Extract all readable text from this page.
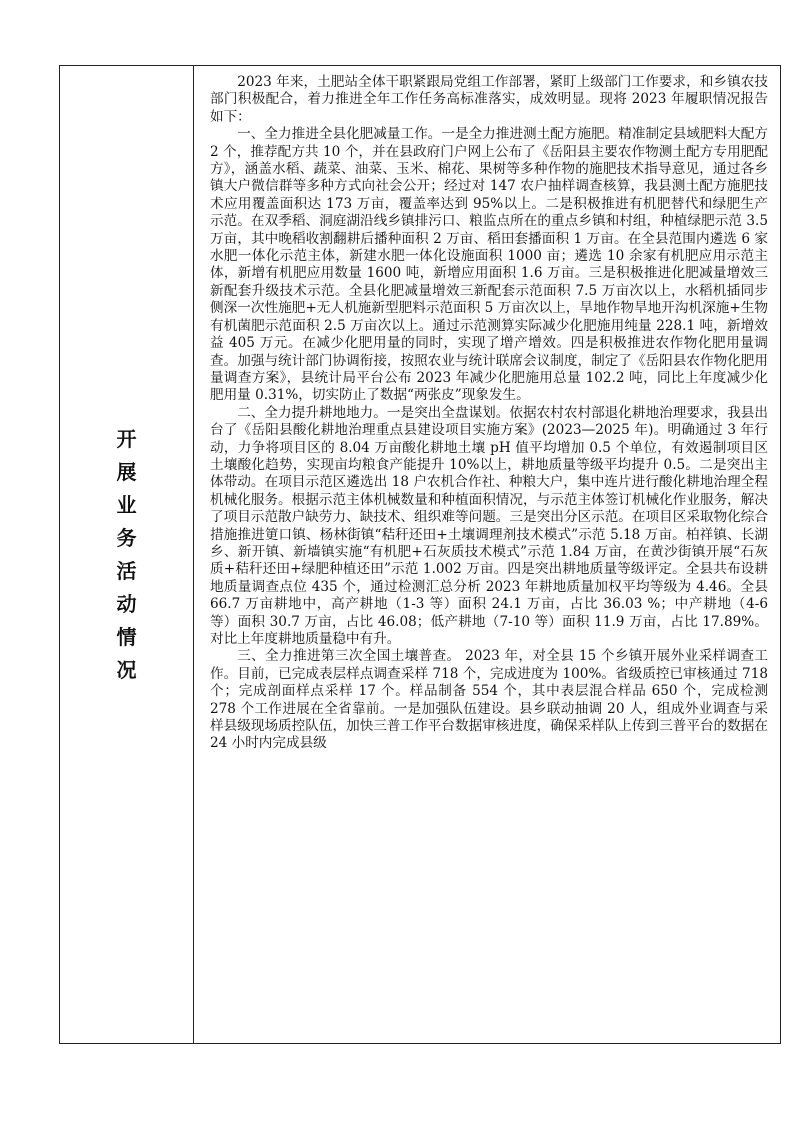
开
展
业
务
活
动
情
况

2023 年来，土肥站全体干职紧跟局党组工作部署，紧盯上级部门工作要求，和乡镇农技部门积极配合，着力推进全年工作任务高标准落实，成效明显。现将 2023 年履职情况报告如下：

一、全力推进全县化肥减量工作。一是全力推进测土配方施肥。精准制定县域肥料大配方 2 个，推荐配方共 10 个，并在县政府门户网上公布了《岳阳县主要农作物测土配方专用肥配方》，涵盖水稻、蔬菜、油菜、玉米、棉花、果树等多种作物的施肥技术指导意见，通过各乡镇大户微信群等多种方式向社会公开；经过对 147 农户抽样调查核算，我县测土配方施肥技术应用覆盖面积达 173 万亩，覆盖率达到 95%以上。二是积极推进有机肥替代和绿肥生产示范。在双季稻、洞庭湖沿线乡镇排污口、粮监点所在的重点乡镇和村组，种植绿肥示范 3.5 万亩，其中晚稻收割翻耕后播种面积 2 万亩、稻田套播面积 1 万亩。在全县范围内遴选 6 家水肥一体化示范主体，新建水肥一体化设施面积 1000 亩；遴选 10 余家有机肥应用示范主体，新增有机肥应用数量 1600 吨，新增应用面积 1.6 万亩。三是积极推进化肥减量增效三新配套升级技术示范。全县化肥减量增效三新配套示范面积 7.5 万亩次以上，水稻机插同步侧深一次性施肥+无人机施新型肥料示范面积 5 万亩次以上，旱地作物旱地开沟机深施+生物有机菌肥示范面积 2.5 万亩次以上。通过示范测算实际减少化肥施用纯量 228.1 吨，新增效益 405 万元。在减少化肥用量的同时，实现了增产增效。四是积极推进农作物化肥用量调查。加强与统计部门协调衔接，按照农业与统计联席会议制度，制定了《岳阳县农作物化肥用量调查方案》，县统计局平台公布 2023 年减少化肥施用总量 102.2 吨，同比上年度减少化肥用量 0.31%，切实防止了数据“两张皮”现象发生。

二、全力提升耕地地力。一是突出全盘谋划。依据农村农村部退化耕地治理要求，我县出台了《岳阳县酸化耕地治理重点县建设项目实施方案》(2023—2025 年)。明确通过 3 年行动，力争将项目区的 8.04 万亩酸化耕地土壤 pH 值平均增加 0.5 个单位，有效遏制项目区土壤酸化趋势，实现亩均粮食产能提升 10%以上，耕地质量等级平均提升 0.5。二是突出主体带动。在项目示范区遴选出 18 户农机合作社、种粮大户，集中连片进行酸化耕地治理全程机械化服务。根据示范主体机械数量和种植面积情况，与示范主体签订机械化作业服务，解决了项目示范散户缺劳力、缺技术、组织难等问题。三是突出分区示范。在项目区采取物化综合措施推进筻口镇、杨林街镇“秸秆还田+土壤调理剂技术模式”示范 5.18 万亩。柏祥镇、长湖乡、新开镇、新墙镇实施“有机肥+石灰质技术模式”示范 1.84 万亩，在黄沙街镇开展“石灰质+秸秆还田+绿肥种植还田”示范 1.002 万亩。四是突出耕地质量等级评定。全县共布设耕地质量调查点位 435 个，通过检测汇总分析 2023 年耕地质量加权平均等级为 4.46。全县 66.7 万亩耕地中，高产耕地（1-3 等）面积 24.1 万亩，占比 36.03 %；中产耕地（4-6 等）面积 30.7 万亩，占比 46.08；低产耕地（7-10 等）面积 11.9 万亩，占比 17.89%。对比上年度耕地质量稳中有升。

三、全力推进第三次全国土壤普查。 2023 年，对全县 15 个乡镇开展外业采样调查工作。目前，已完成表层样点调查采样 718 个，完成进度为 100%。省级质控已审核通过 718 个；完成剖面样点采样 17 个。样品制备 554 个，其中表层混合样品 650 个，完成检测 278 个工作进展在全省靠前。一是加强队伍建设。县乡联动抽调 20 人，组成外业调查与采样县级现场质控队伍，加快三普工作平台数据审核进度，确保采样队上传到三普平台的数据在 24 小时内完成县级
